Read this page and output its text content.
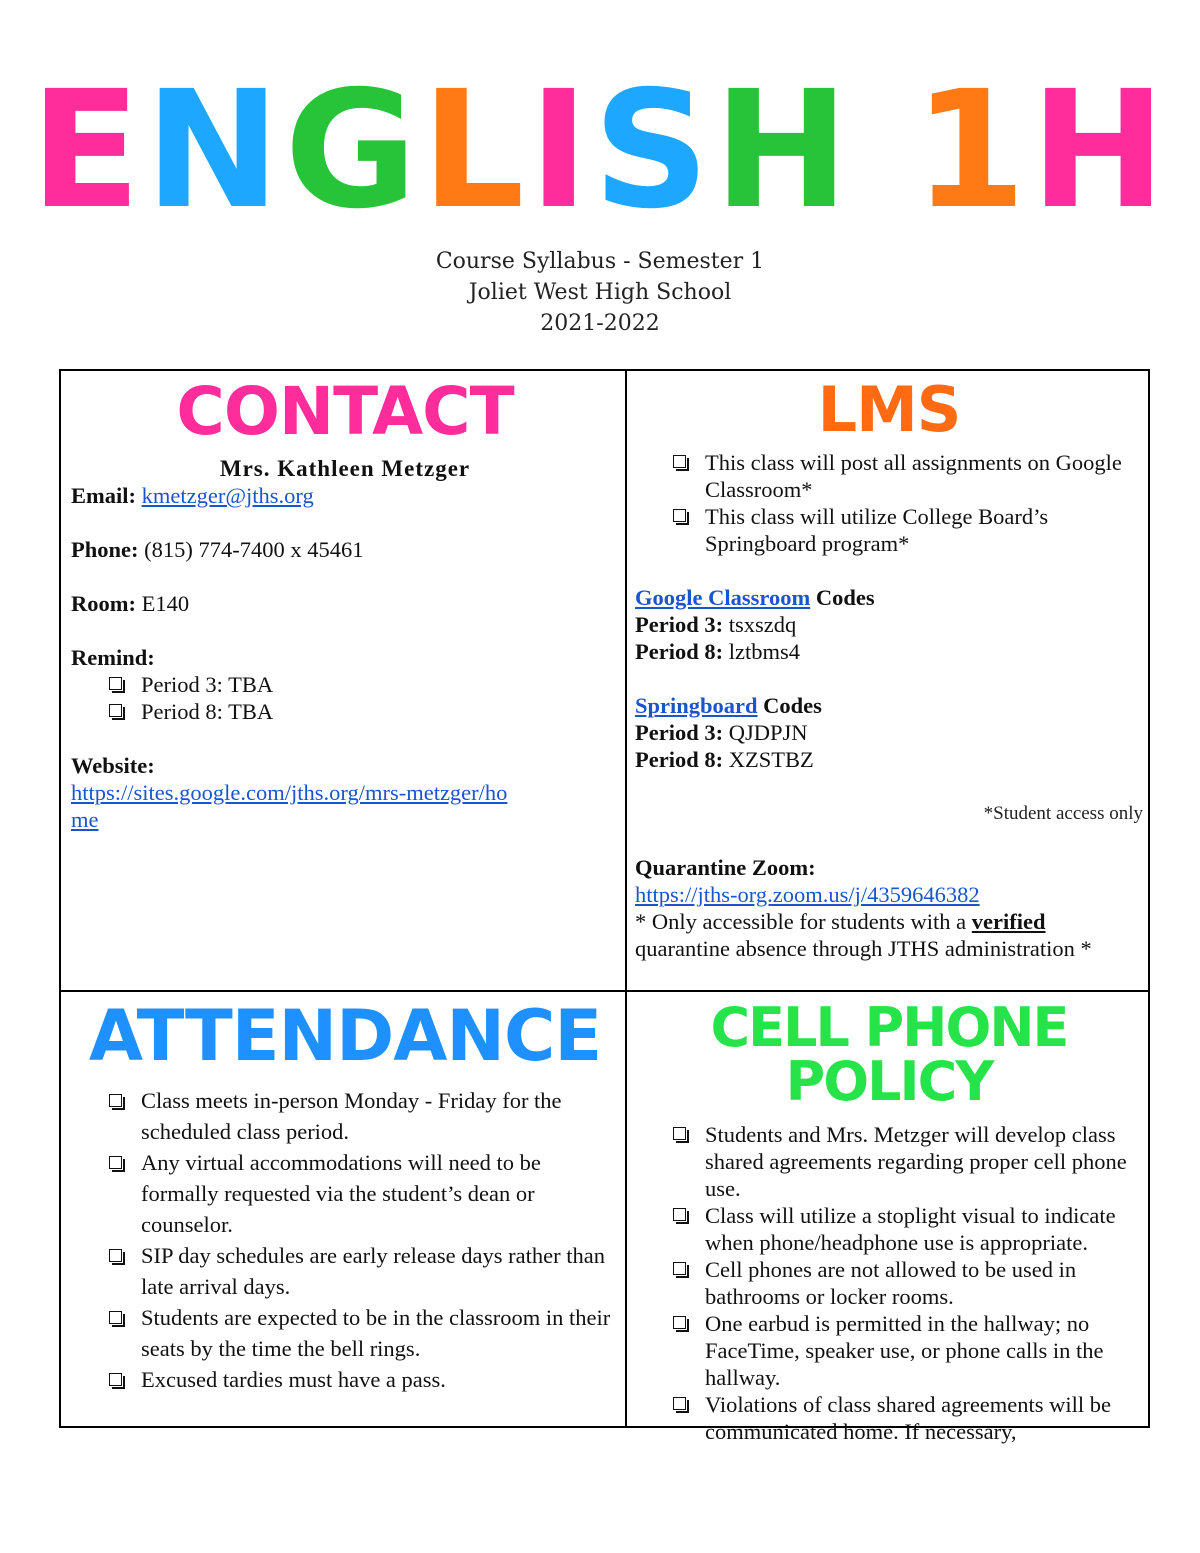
ENGLISH 1H
Course Syllabus - Semester 1
Joliet West High School
2021-2022
CONTACT
Mrs. Kathleen Metzger
Email: kmetzger@jths.org
Phone: (815) 774-7400 x 45461
Room: E140
Remind:
Period 3: TBA
Period 8: TBA
Website:
https://sites.google.com/jths.org/mrs-metzger/ho
me
LMS
This class will post all assignments on Google Classroom*
This class will utilize College Board’s Springboard program*
Google Classroom Codes
Period 3: tsxszdq
Period 8: lztbms4
Springboard Codes
Period 3: QJDPJN
Period 8: XZSTBZ
*Student access only
Quarantine Zoom:
https://jths-org.zoom.us/j/4359646382
* Only accessible for students with a verified quarantine absence through JTHS administration *
ATTENDANCE
Class meets in-person Monday - Friday for the scheduled class period.
Any virtual accommodations will need to be formally requested via the student’s dean or counselor.
SIP day schedules are early release days rather than late arrival days.
Students are expected to be in the classroom in their seats by the time the bell rings.
Excused tardies must have a pass.
CELL PHONE POLICY
Students and Mrs. Metzger will develop class shared agreements regarding proper cell phone use.
Class will utilize a stoplight visual to indicate when phone/headphone use is appropriate.
Cell phones are not allowed to be used in bathrooms or locker rooms.
One earbud is permitted in the hallway; no FaceTime, speaker use, or phone calls in the hallway.
Violations of class shared agreements will be communicated home. If necessary,
